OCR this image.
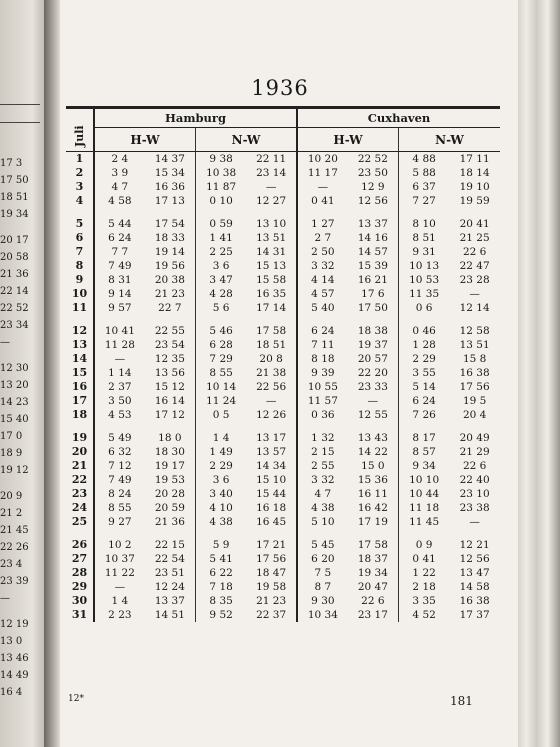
17 3
17 50
18 51
19 34
20 17
20 58
21 36
22 14
22 52
23 34
—
12 30
13 20
14 23
15 40
17 0
18 9
19 12
20 9
21 2
21 45
22 26
23 4
23 39
—
12 19
13 0
13 46
14 49
16 4
1936
Juli	Hamburg				Cuxhaven			
	H-W		N-W		H-W		N-W	
1	2 4	14 37	9 38	22 11	10 20	22 52	4 88	17 11
2	3 9	15 34	10 38	23 14	11 17	23 50	5 88	18 14
3	4 7	16 36	11 87	—	—	12 9	6 37	19 10
4	4 58	17 13	0 10	12 27	0 41	12 56	7 27	19 59

5	5 44	17 54	0 59	13 10	1 27	13 37	8 10	20 41
6	6 24	18 33	1 41	13 51	2 7	14 16	8 51	21 25
7	7 7	19 14	2 25	14 31	2 50	14 57	9 31	22 6
8	7 49	19 56	3 6	15 13	3 32	15 39	10 13	22 47
9	8 31	20 38	3 47	15 58	4 14	16 21	10 53	23 28
10	9 14	21 23	4 28	16 35	4 57	17 6	11 35	—
11	9 57	22 7	5 6	17 14	5 40	17 50	0 6	12 14

12	10 41	22 55	5 46	17 58	6 24	18 38	0 46	12 58
13	11 28	23 54	6 28	18 51	7 11	19 37	1 28	13 51
14	—	12 35	7 29	20 8	8 18	20 57	2 29	15 8
15	1 14	13 56	8 55	21 38	9 39	22 20	3 55	16 38
16	2 37	15 12	10 14	22 56	10 55	23 33	5 14	17 56
17	3 50	16 14	11 24	—	11 57	—	6 24	19 5
18	4 53	17 12	0 5	12 26	0 36	12 55	7 26	20 4

19	5 49	18 0	1 4	13 17	1 32	13 43	8 17	20 49
20	6 32	18 30	1 49	13 57	2 15	14 22	8 57	21 29
21	7 12	19 17	2 29	14 34	2 55	15 0	9 34	22 6
22	7 49	19 53	3 6	15 10	3 32	15 36	10 10	22 40
23	8 24	20 28	3 40	15 44	4 7	16 11	10 44	23 10
24	8 55	20 59	4 10	16 18	4 38	16 42	11 18	23 38
25	9 27	21 36	4 38	16 45	5 10	17 19	11 45	—

26	10 2	22 15	5 9	17 21	5 45	17 58	0 9	12 21
27	10 37	22 54	5 41	17 56	6 20	18 37	0 41	12 56
28	11 22	23 51	6 22	18 47	7 5	19 34	1 22	13 47
29	—	12 24	7 18	19 58	8 7	20 47	2 18	14 58
30	1 4	13 37	8 35	21 23	9 30	22 6	3 35	16 38
31	2 23	14 51	9 52	22 37	10 34	23 17	4 52	17 37
12*	181
